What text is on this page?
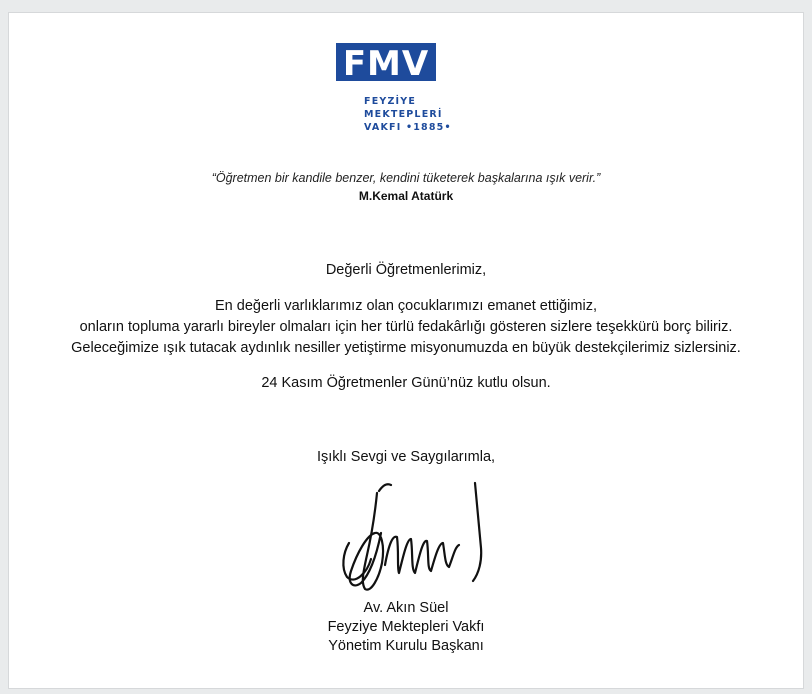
FMV
FEYZİYE
MEKTEPLERİ
VAKFI •1885•
“Öğretmen bir kandile benzer, kendini tüketerek başkalarına ışık verir.”
M.Kemal Atatürk
Değerli Öğretmenlerimiz,
En değerli varlıklarımız olan çocuklarımızı emanet ettiğimiz,
onların topluma yararlı bireyler olmaları için her türlü fedakârlığı gösteren sizlere teşekkürü borç biliriz.
Geleceğimize ışık tutacak aydınlık nesiller yetiştirme misyonumuzda en büyük destekçilerimiz sizlersiniz.
24 Kasım Öğretmenler Günü’nüz kutlu olsun.
Işıklı Sevgi ve Saygılarımla,
Av. Akın Süel
Feyziye Mektepleri Vakfı
Yönetim Kurulu Başkanı
